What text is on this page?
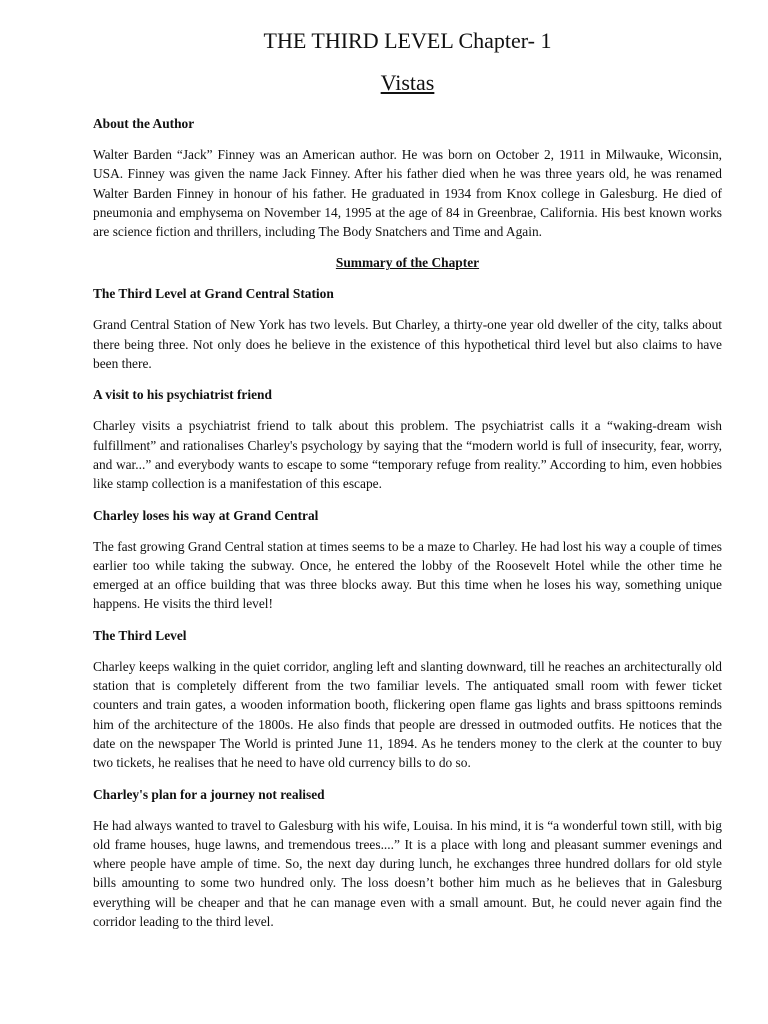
THE THIRD LEVEL Chapter- 1
Vistas
About the Author
Walter Barden “Jack” Finney was an American author. He was born on October 2, 1911 in Milwauke, Wiconsin, USA. Finney was given the name Jack Finney. After his father died when he was three years old, he was renamed Walter Barden Finney in honour of his father. He graduated in 1934 from Knox college in Galesburg. He died of pneumonia and emphysema on November 14, 1995 at the age of 84 in Greenbrae, California. His best known works are science fiction and thrillers, including The Body Snatchers and Time and Again.
Summary of the Chapter
The Third Level at Grand Central Station
Grand Central Station of New York has two levels. But Charley, a thirty-one year old dweller of the city, talks about there being three. Not only does he believe in the existence of this hypothetical third level but also claims to have been there.
A visit to his psychiatrist friend
Charley visits a psychiatrist friend to talk about this problem. The psychiatrist calls it a “waking-dream wish fulfillment” and rationalises Charley's psychology by saying that the “modern world is full of insecurity, fear, worry, and war...” and everybody wants to escape to some “temporary refuge from reality.” According to him, even hobbies like stamp collection is a manifestation of this escape.
Charley loses his way at Grand Central
The fast growing Grand Central station at times seems to be a maze to Charley. He had lost his way a couple of times earlier too while taking the subway. Once, he entered the lobby of the Roosevelt Hotel while the other time he emerged at an office building that was three blocks away. But this time when he loses his way, something unique happens. He visits the third level!
The Third Level
Charley keeps walking in the quiet corridor, angling left and slanting downward, till he reaches an architecturally old station that is completely different from the two familiar levels. The antiquated small room with fewer ticket counters and train gates, a wooden information booth, flickering open flame gas lights and brass spittoons reminds him of the architecture of the 1800s. He also finds that people are dressed in outmoded outfits. He notices that the date on the newspaper The World is printed June 11, 1894. As he tenders money to the clerk at the counter to buy two tickets, he realises that he need to have old currency bills to do so.
Charley's plan for a journey not realised
He had always wanted to travel to Galesburg with his wife, Louisa. In his mind, it is “a wonderful town still, with big old frame houses, huge lawns, and tremendous trees....” It is a place with long and pleasant summer evenings and where people have ample of time. So, the next day during lunch, he exchanges three hundred dollars for old style bills amounting to some two hundred only. The loss doesn’t bother him much as he believes that in Galesburg everything will be cheaper and that he can manage even with a small amount. But, he could never again find the corridor leading to the third level.
